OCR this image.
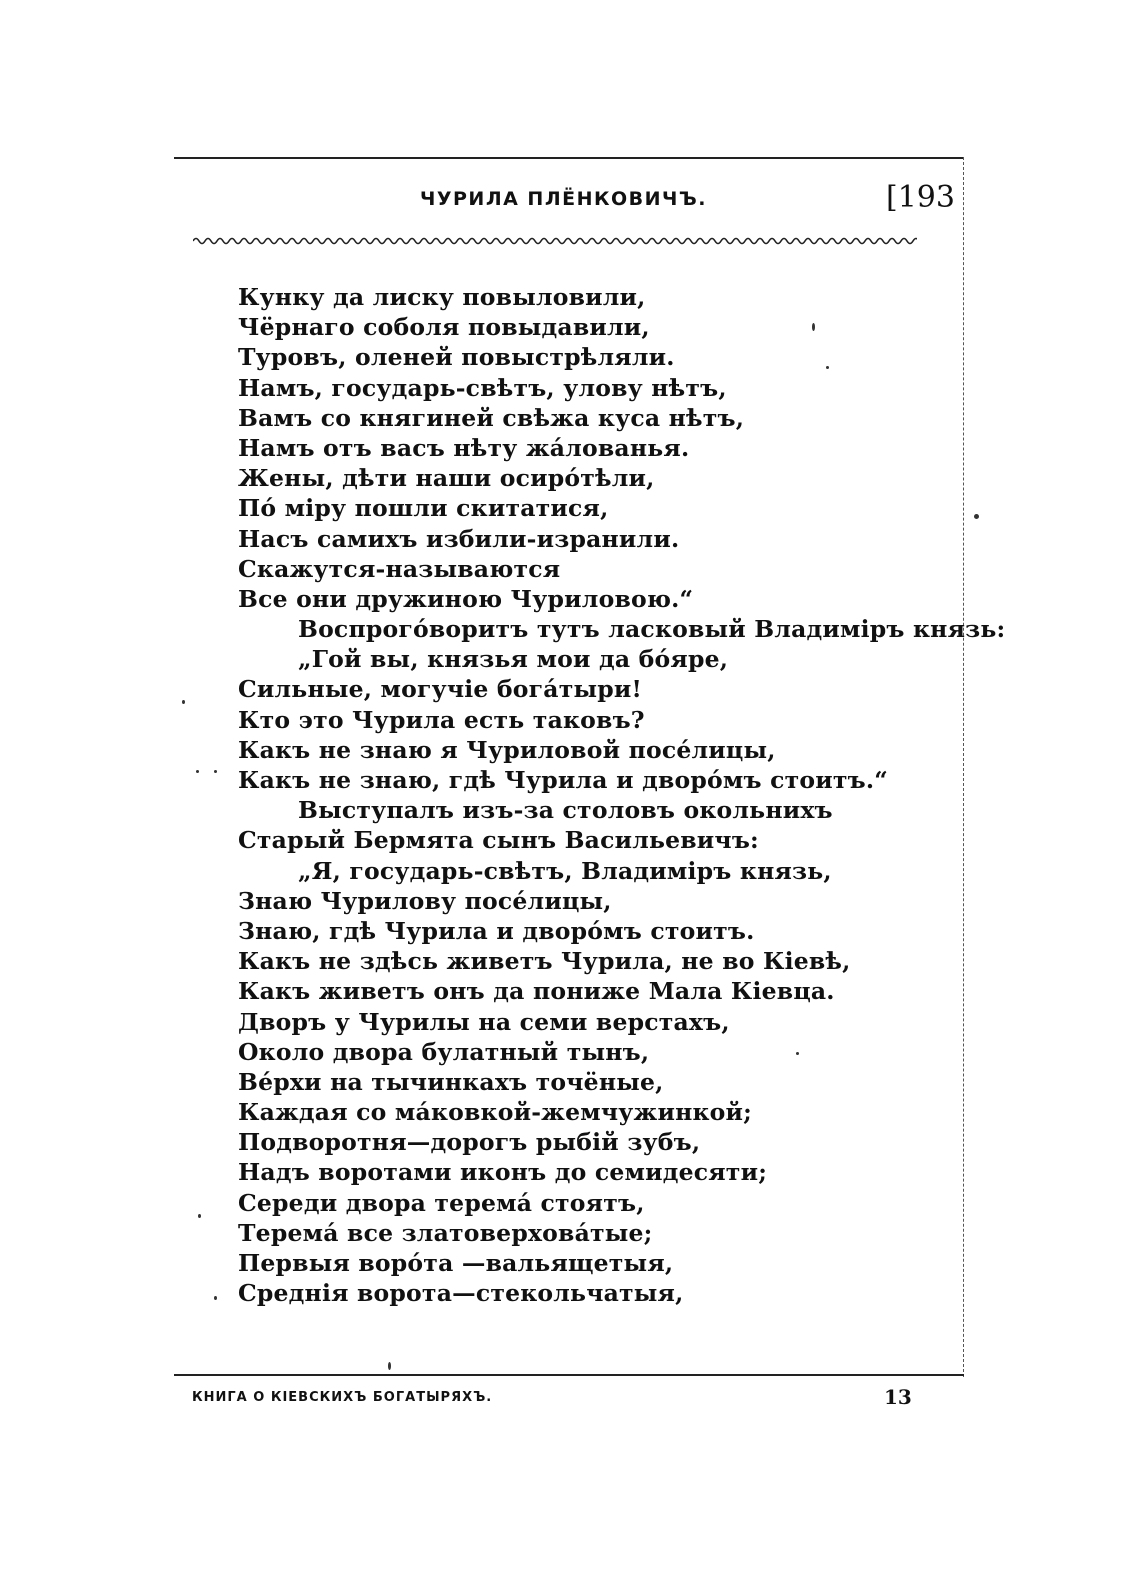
ЧУРИЛА ПЛЁНКОВИЧЪ.	[193
Кунку да лиску повыловили,
Чёрнаго соболя повыдавили,
Туровъ, оленей повыстрѣляли.
Намъ, государь-свѣтъ, улову нѣтъ,
Вамъ со княгиней свѣжа куса нѣтъ,
Намъ отъ васъ нѣту жа́лованья.
Жены, дѣти наши осиро́тѣли,
По́ міру пошли скитатися,
Насъ самихъ избили-изранили.
Скажутся-называются
Все они дружиною Чуриловою.“
Воспрого́воритъ тутъ ласковый Владиміръ князь:
„Гой вы, князья мои да бо́яре,
Сильные, могучіе бога́тыри!
Кто это Чурила есть таковъ?
Какъ не знаю я Чуриловой посе́лицы,
Какъ не знаю, гдѣ Чурила и дворо́мъ стоитъ.“
Выступалъ изъ-за столовъ окольнихъ
Старый Бермята сынъ Васильевичъ:
„Я, государь-свѣтъ, Владиміръ князь,
Знаю Чурилову посе́лицы,
Знаю, гдѣ Чурила и дворо́мъ стоитъ.
Какъ не здѣсь живетъ Чурила, не во Кіевѣ,
Какъ живетъ онъ да пониже Мала Кіевца.
Дворъ у Чурилы на семи верстахъ,
Около двора булатный тынъ,
Ве́рхи на тычинкахъ точёные,
Каждая со ма́ковкой-жемчужинкой;
Подворотня—дорогъ рыбій зубъ,
Надъ воротами иконъ до семидесяти;
Середи двора терема́ стоятъ,
Терема́ все златоверхова́тые;
Первыя воро́та —вальящетыя,
Среднія ворота—стекольчатыя,
КНИГА О КІЕВСКИХЪ БОГАТЫРЯХЪ.	13
